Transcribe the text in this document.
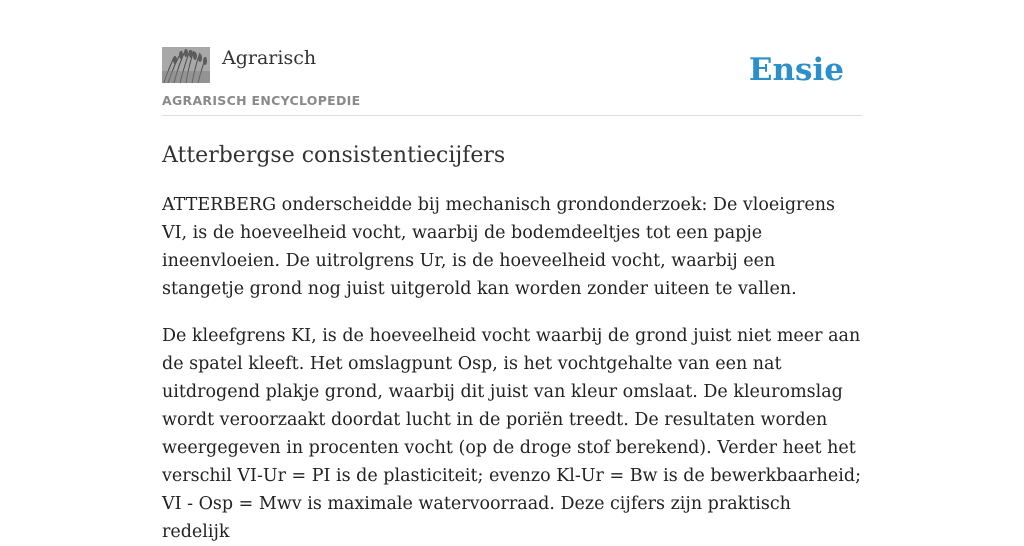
Agrarisch
AGRARISCH ENCYCLOPEDIE
Ensie
Atterbergse consistentiecijfers

ATTERBERG onderscheidde bij mechanisch grondonderzoek: De vloeigrens VI, is de hoeveelheid vocht, waarbij de bodemdeeltjes tot een papje ineenvloeien. De uitrolgrens Ur, is de hoeveelheid vocht, waarbij een stangetje grond nog juist uitgerold kan worden zonder uiteen te vallen.

De kleefgrens KI, is de hoeveelheid vocht waarbij de grond juist niet meer aan de spatel kleeft. Het omslagpunt Osp, is het vochtgehalte van een nat uitdrogend plakje grond, waarbij dit juist van kleur omslaat. De kleuromslag wordt veroorzaakt doordat lucht in de poriën treedt. De resultaten worden weergegeven in procenten vocht (op de droge stof berekend). Verder heet het verschil VI-Ur = PI is de plasticiteit; evenzo Kl-Ur = Bw is de bewerkbaarheid; VI - Osp = Mwv is maximale watervoorraad. Deze cijfers zijn praktisch redelijk
